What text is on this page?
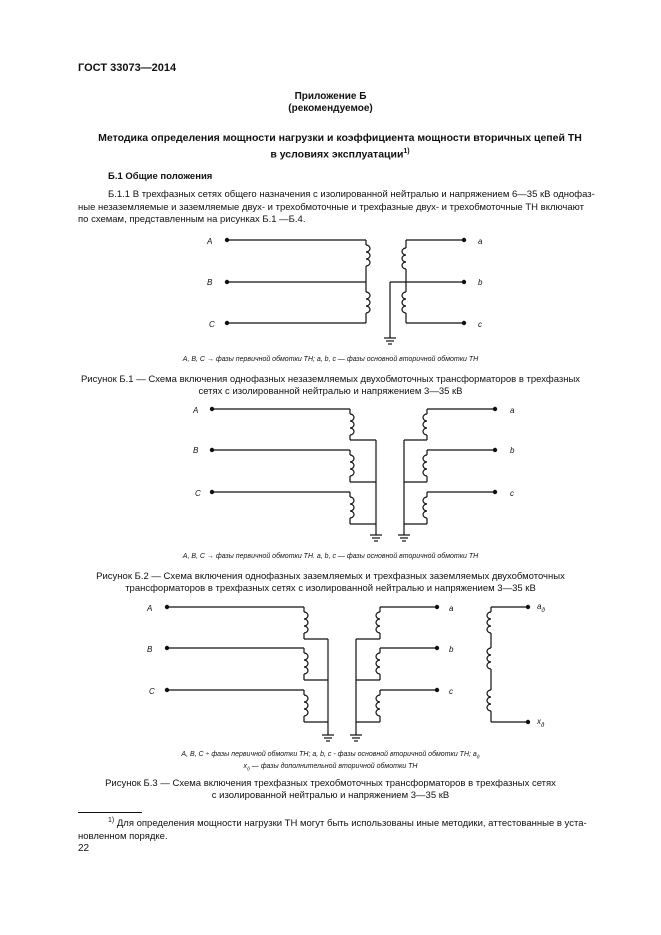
ГОСТ 33073—2014
Приложение Б
(рекомендуемое)
Методика определения мощности нагрузки и коэффициента мощности вторичных цепей ТН
в условиях эксплуатации$^{1)}$
Б.1 Общие положения
Б.1.1 В трехфазных сетях общего назначения с изолированной нейтралью и напряжением 6—35 кВ однофаз-
ные незаземляемые и заземляемые двух- и трехобмоточные и трехфазные двух- и трехобмоточные ТН включают
по схемам, представленным на рисунках Б.1 —Б.4.
A
B
C
a
b
c
A
B
C
a
b
c
A
B
C
a
b
c
$a_д$
$x_д$
A, B, C → фазы первичной обмотки ТН; a, b, c — фазы основной вторичной обмотки ТН
Рисунок Б.1 — Схема включения однофазных незаземляемых двухобмоточных трансформаторов в трехфазных
сетях с изолированной нейтралью и напряжением 3—35 кВ
A, B, C → фазы первичной обмотки ТН. a, b, c — фазы основной вторичной обмотки ТН
Рисунок Б.2 — Схема включения однофазных заземляемых и трехфазных заземляемых двухобмоточных
трансформаторов в трехфазных сетях с изолированной нейтралью и напряжением 3—35 кВ
A, B, C ÷ фазы первичной обмотки ТН; a, b, c - фазы основной вторичной обмотки ТН; $a_д$
$x_д$ — фазы дополнительной вторичной обмотки ТН
Рисунок Б.3 — Схема включения трехфазных трехобмоточных трансформаторов в трехфазных сетях
с изолированной нейтралью и напряжением 3—35 кВ
$^{1)}$ Для определения мощности нагрузки ТН могут быть использованы иные методики, аттестованные в уста-
новленном порядке.
22
